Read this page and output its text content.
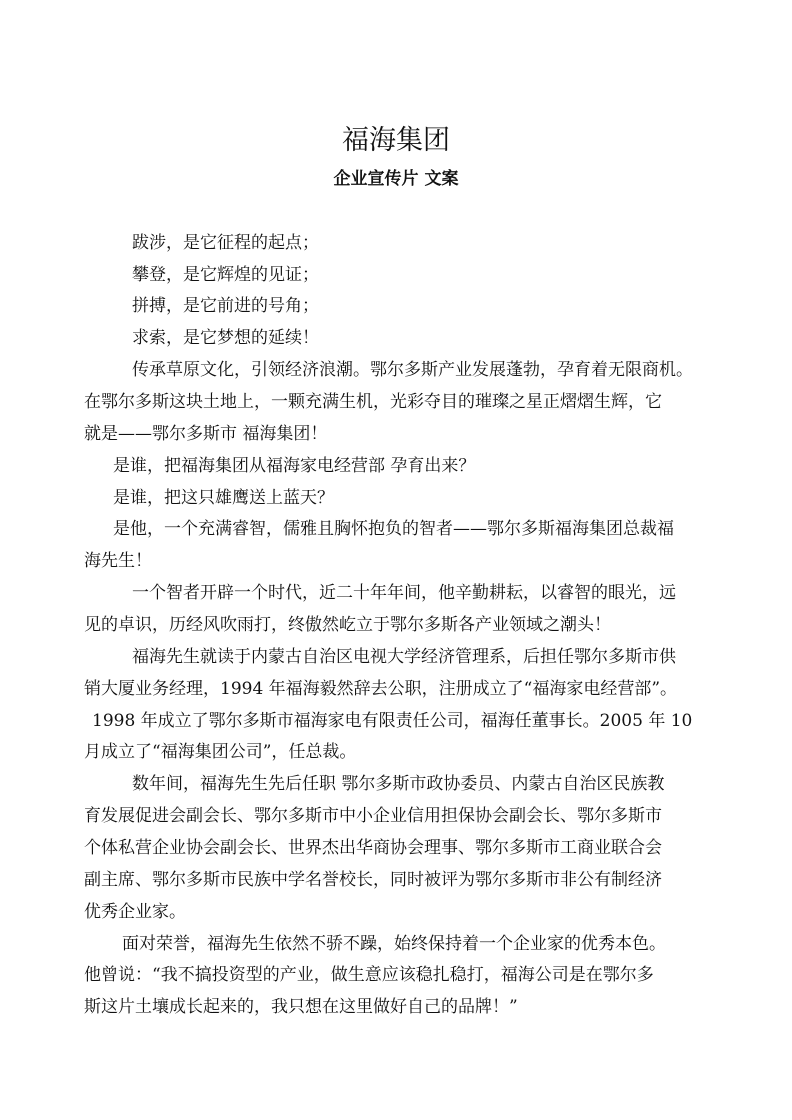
福海集团
企业宣传片 文案

跋涉，是它征程的起点；

攀登，是它辉煌的见证；

拼搏，是它前进的号角；

求索，是它梦想的延续！

传承草原文化，引领经济浪潮。鄂尔多斯产业发展蓬勃，孕育着无限商机。

在鄂尔多斯这块土地上，一颗充满生机，光彩夺目的璀璨之星正熠熠生辉，它

就是——鄂尔多斯市 福海集团！

是谁，把福海集团从福海家电经营部 孕育出来？

是谁，把这只雄鹰送上蓝天？

是他，一个充满睿智，儒雅且胸怀抱负的智者——鄂尔多斯福海集团总裁福

海先生！

一个智者开辟一个时代，近二十年年间，他辛勤耕耘，以睿智的眼光，远

见的卓识，历经风吹雨打，终傲然屹立于鄂尔多斯各产业领域之潮头！

福海先生就读于内蒙古自治区电视大学经济管理系，后担任鄂尔多斯市供

销大厦业务经理，1994 年福海毅然辞去公职，注册成立了“福海家电经营部”。

1998 年成立了鄂尔多斯市福海家电有限责任公司，福海任董事长。2005 年 10

月成立了“福海集团公司”，任总裁。

数年间，福海先生先后任职 鄂尔多斯市政协委员、内蒙古自治区民族教

育发展促进会副会长、鄂尔多斯市中小企业信用担保协会副会长、鄂尔多斯市

个体私营企业协会副会长、世界杰出华商协会理事、鄂尔多斯市工商业联合会

副主席、鄂尔多斯市民族中学名誉校长，同时被评为鄂尔多斯市非公有制经济

优秀企业家。

面对荣誉，福海先生依然不骄不躁，始终保持着一个企业家的优秀本色。

他曾说：“我不搞投资型的产业，做生意应该稳扎稳打，福海公司是在鄂尔多

斯这片土壤成长起来的，我只想在这里做好自己的品牌！”
